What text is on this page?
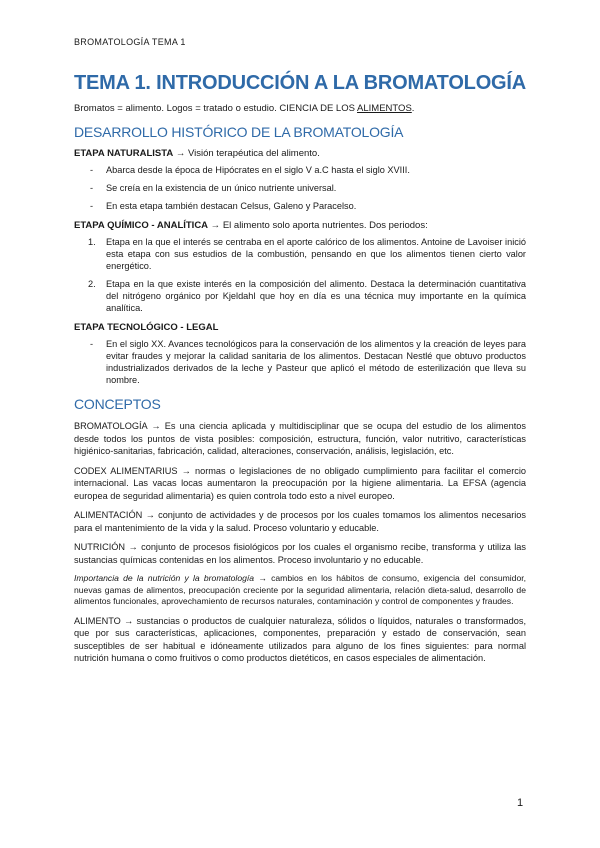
BROMATOLOGÍA TEMA 1
TEMA 1. INTRODUCCIÓN A LA BROMATOLOGÍA

Bromatos = alimento. Logos = tratado o estudio. CIENCIA DE LOS ALIMENTOS.

DESARROLLO HISTÓRICO DE LA BROMATOLOGÍA

ETAPA NATURALISTA → Visión terapéutica del alimento.

- Abarca desde la época de Hipócrates en el siglo V a.C hasta el siglo XVIII.
- Se creía en la existencia de un único nutriente universal.
- En esta etapa también destacan Celsus, Galeno y Paracelso.

ETAPA QUÍMICO - ANALÍTICA → El alimento solo aporta nutrientes. Dos periodos:

1. Etapa en la que el interés se centraba en el aporte calórico de los alimentos. Antoine de Lavoiser inició esta etapa con sus estudios de la combustión, pensando en que los alimentos tienen cierto valor energético.
2. Etapa en la que existe interés en la composición del alimento. Destaca la determinación cuantitativa del nitrógeno orgánico por Kjeldahl que hoy en día es una técnica muy importante en la química analítica.

ETAPA TECNOLÓGICO - LEGAL

- En el siglo XX. Avances tecnológicos para la conservación de los alimentos y la creación de leyes para evitar fraudes y mejorar la calidad sanitaria de los alimentos. Destacan Nestlé que obtuvo productos industrializados derivados de la leche y Pasteur que aplicó el método de esterilización que lleva su nombre.
CONCEPTOS

BROMATOLOGÍA → Es una ciencia aplicada y multidisciplinar que se ocupa del estudio de los alimentos desde todos los puntos de vista posibles: composición, estructura, función, valor nutritivo, características higiénico-sanitarias, fabricación, calidad, alteraciones, conservación, análisis, legislación, etc.

CODEX ALIMENTARIUS → normas o legislaciones de no obligado cumplimiento para facilitar el comercio internacional. Las vacas locas aumentaron la preocupación por la higiene alimentaria. La EFSA (agencia europea de seguridad alimentaria) es quien controla todo esto a nivel europeo.

ALIMENTACIÓN → conjunto de actividades y de procesos por los cuales tomamos los alimentos necesarios para el mantenimiento de la vida y la salud. Proceso voluntario y educable.

NUTRICIÓN → conjunto de procesos fisiológicos por los cuales el organismo recibe, transforma y utiliza las sustancias químicas contenidas en los alimentos. Proceso involuntario y no educable.

Importancia de la nutrición y la bromatología → cambios en los hábitos de consumo, exigencia del consumidor, nuevas gamas de alimentos, preocupación creciente por la seguridad alimentaria, relación dieta-salud, desarrollo de alimentos funcionales, aprovechamiento de recursos naturales, contaminación y control de componentes y fraudes.

ALIMENTO → sustancias o productos de cualquier naturaleza, sólidos o líquidos, naturales o transformados, que por sus características, aplicaciones, componentes, preparación y estado de conservación, sean susceptibles de ser habitual e idóneamente utilizados para alguno de los fines siguientes: para normal nutrición humana o como fruitivos o como productos dietéticos, en casos especiales de alimentación.

1
